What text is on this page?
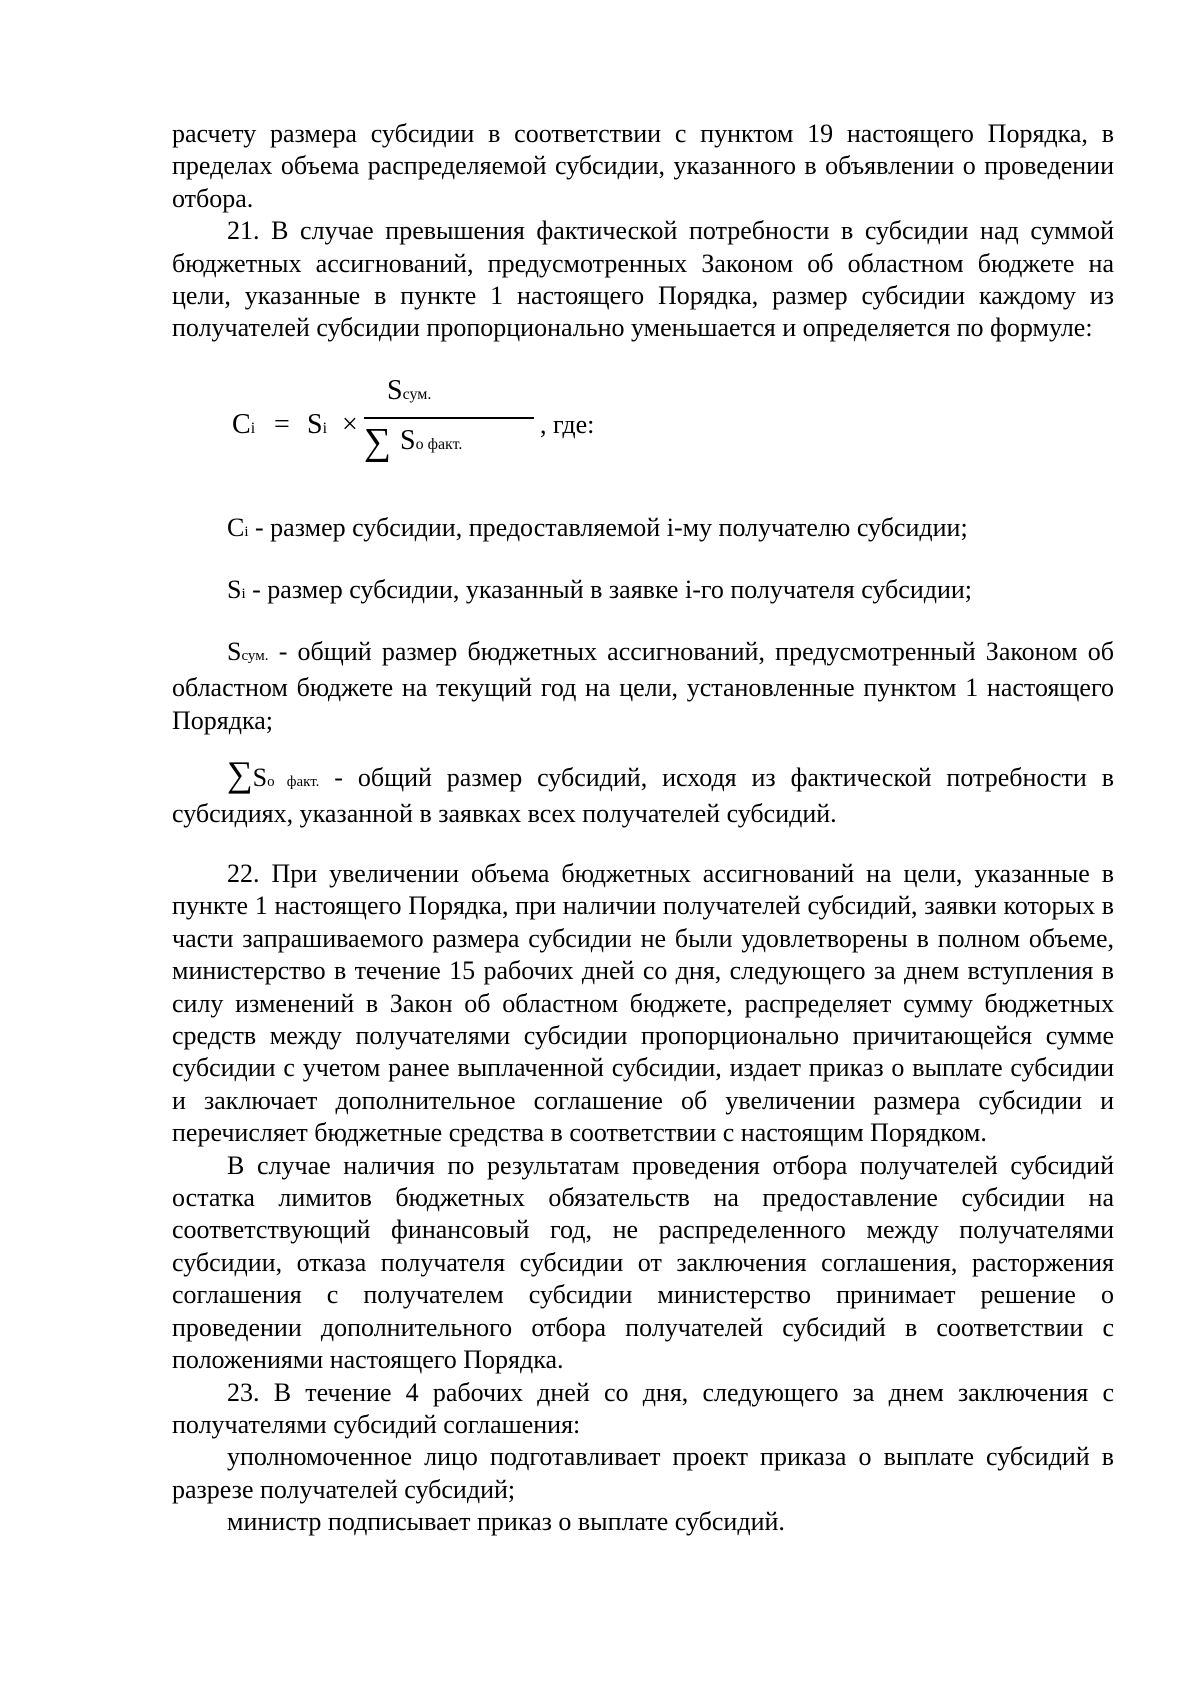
расчету размера субсидии в соответствии с пунктом 19 настоящего Порядка, в пределах объема распределяемой субсидии, указанного в объявлении о проведении отбора.

21. В случае превышения фактической потребности в субсидии над суммой бюджетных ассигнований, предусмотренных Законом об областном бюджете на цели, указанные в пункте 1 настоящего Порядка, размер субсидии каждому из получателей субсидии пропорционально уменьшается и определяется по формуле:

Ci = Si ×
Sсум.
∑ Sо факт.
, где:

Ci - размер субсидии, предоставляемой i-му получателю субсидии;

Si - размер субсидии, указанный в заявке i-го получателя субсидии;

Sсум. - общий размер бюджетных ассигнований, предусмотренный Законом об областном бюджете на текущий год на цели, установленные пунктом 1 настоящего Порядка;

∑Sо факт. - общий размер субсидий, исходя из фактической потребности в субсидиях, указанной в заявках всех получателей субсидий.

22. При увеличении объема бюджетных ассигнований на цели, указанные в пункте 1 настоящего Порядка, при наличии получателей субсидий, заявки которых в части запрашиваемого размера субсидии не были удовлетворены в полном объеме, министерство в течение 15 рабочих дней со дня, следующего за днем вступления в силу изменений в Закон об областном бюджете, распределяет сумму бюджетных средств между получателями субсидии пропорционально причитающейся сумме субсидии с учетом ранее выплаченной субсидии, издает приказ о выплате субсидии и заключает дополнительное соглашение об увеличении размера субсидии и перечисляет бюджетные средства в соответствии с настоящим Порядком.

В случае наличия по результатам проведения отбора получателей субсидий остатка лимитов бюджетных обязательств на предоставление субсидии на соответствующий финансовый год, не распределенного между получателями субсидии, отказа получателя субсидии от заключения соглашения, расторжения соглашения с получателем субсидии министерство принимает решение о проведении дополнительного отбора получателей субсидий в соответствии с положениями настоящего Порядка.

23. В течение 4 рабочих дней со дня, следующего за днем заключения с получателями субсидий соглашения:

уполномоченное лицо подготавливает проект приказа о выплате субсидий в разрезе получателей субсидий;

министр подписывает приказ о выплате субсидий.
